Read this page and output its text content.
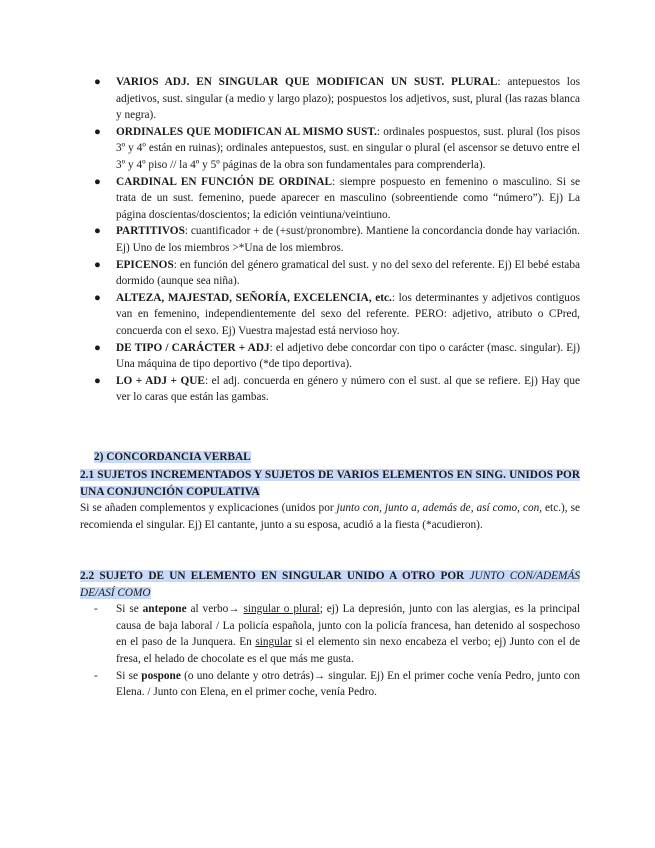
● VARIOS ADJ. EN SINGULAR QUE MODIFICAN UN SUST. PLURAL: antepuestos los adjetivos, sust. singular (a medio y largo plazo); pospuestos los adjetivos, sust, plural (las razas blanca y negra).
● ORDINALES QUE MODIFICAN AL MISMO SUST.: ordinales pospuestos, sust. plural (los pisos 3º y 4º están en ruinas); ordinales antepuestos, sust. en singular o plural (el ascensor se detuvo entre el 3º y 4º piso // la 4º y 5º páginas de la obra son fundamentales para comprenderla).
● CARDINAL EN FUNCIÓN DE ORDINAL: siempre pospuesto en femenino o masculino. Si se trata de un sust. femenino, puede aparecer en masculino (sobreentiende como “número”). Ej) La página doscientas/doscientos; la edición veintiuna/veintiuno.
● PARTITIVOS: cuantificador + de (+sust/pronombre). Mantiene la concordancia donde hay variación. Ej) Uno de los miembros >*Una de los miembros.
● EPICENOS: en función del género gramatical del sust. y no del sexo del referente. Ej) El bebé estaba dormido (aunque sea niña).
● ALTEZA, MAJESTAD, SEÑORÍA, EXCELENCIA, etc.: los determinantes y adjetivos contiguos van en femenino, independientemente del sexo del referente. PERO: adjetivo, atributo o CPred, concuerda con el sexo. Ej) Vuestra majestad está nervioso hoy.
● DE TIPO / CARÁCTER + ADJ: el adjetivo debe concordar con tipo o carácter (masc. singular). Ej) Una máquina de tipo deportivo (*de tipo deportiva).
● LO + ADJ + QUE: el adj. concuerda en género y número con el sust. al que se refiere. Ej) Hay que ver lo caras que están las gambas.
2) CONCORDANCIA VERBAL
2.1 SUJETOS INCREMENTADOS Y SUJETOS DE VARIOS ELEMENTOS EN SING. UNIDOS POR UNA CONJUNCIÓN COPULATIVA
Si se añaden complementos y explicaciones (unidos por junto con, junto a, además de, así como, con, etc.), se recomienda el singular. Ej) El cantante, junto a su esposa, acudió a la fiesta (*acudieron).
2.2 SUJETO DE UN ELEMENTO EN SINGULAR UNIDO A OTRO POR JUNTO CON/ADEMÁS DE/ASÍ COMO
- Si se antepone al verbo→ singular o plural; ej) La depresión, junto con las alergias, es la principal causa de baja laboral / La policía española, junto con la policía francesa, han detenido al sospechoso en el paso de la Junquera. En singular si el elemento sin nexo encabeza el verbo; ej) Junto con el de fresa, el helado de chocolate es el que más me gusta.
- Si se pospone (o uno delante y otro detrás)→ singular. Ej) En el primer coche venía Pedro, junto con Elena. / Junto con Elena, en el primer coche, venía Pedro.
